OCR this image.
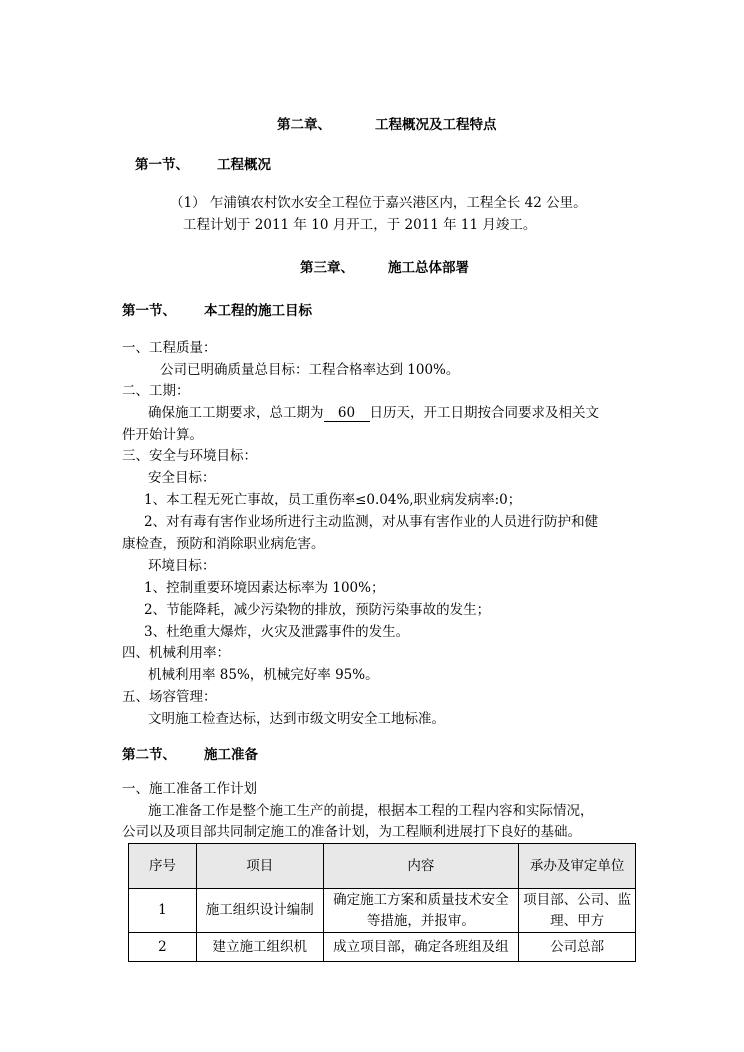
第二章、	工程概况及工程特点
第一节、 工程概况
（1） 乍浦镇农村饮水安全工程位于嘉兴港区内，工程全长 42 公里。
工程计划于 2011 年 10 月开工，于 2011 年 11 月竣工。
第三章、	施工总体部署
第一节、 本工程的施工目标
一、工程质量：
公司已明确质量总目标：工程合格率达到 100%。
二、工期：
确保施工工期要求，总工期为 60 日历天，开工日期按合同要求及相关文
件开始计算。
三、安全与环境目标：
安全目标：
1、本工程无死亡事故，员工重伤率≤0.04%,职业病发病率:0；
2、对有毒有害作业场所进行主动监测，对从事有害作业的人员进行防护和健
康检查，预防和消除职业病危害。
环境目标：
1、控制重要环境因素达标率为 100%；
2、节能降耗，减少污染物的排放，预防污染事故的发生；
3、杜绝重大爆炸，火灾及泄露事件的发生。
四、机械利用率：
机械利用率 85%，机械完好率 95%。
五、场容管理：
文明施工检查达标，达到市级文明安全工地标准。
第二节、 施工准备
一、施工准备工作计划
施工准备工作是整个施工生产的前提，根据本工程的工程内容和实际情况，
公司以及项目部共同制定施工的准备计划，为工程顺利进展打下良好的基础。
序号	项目	内容	承办及审定单位
1	施工组织设计编制	确定施工方案和质量技术安全等措施，并报审。	项目部、公司、监理、甲方
2	建立施工组织机	成立项目部，确定各班组及组	公司总部
